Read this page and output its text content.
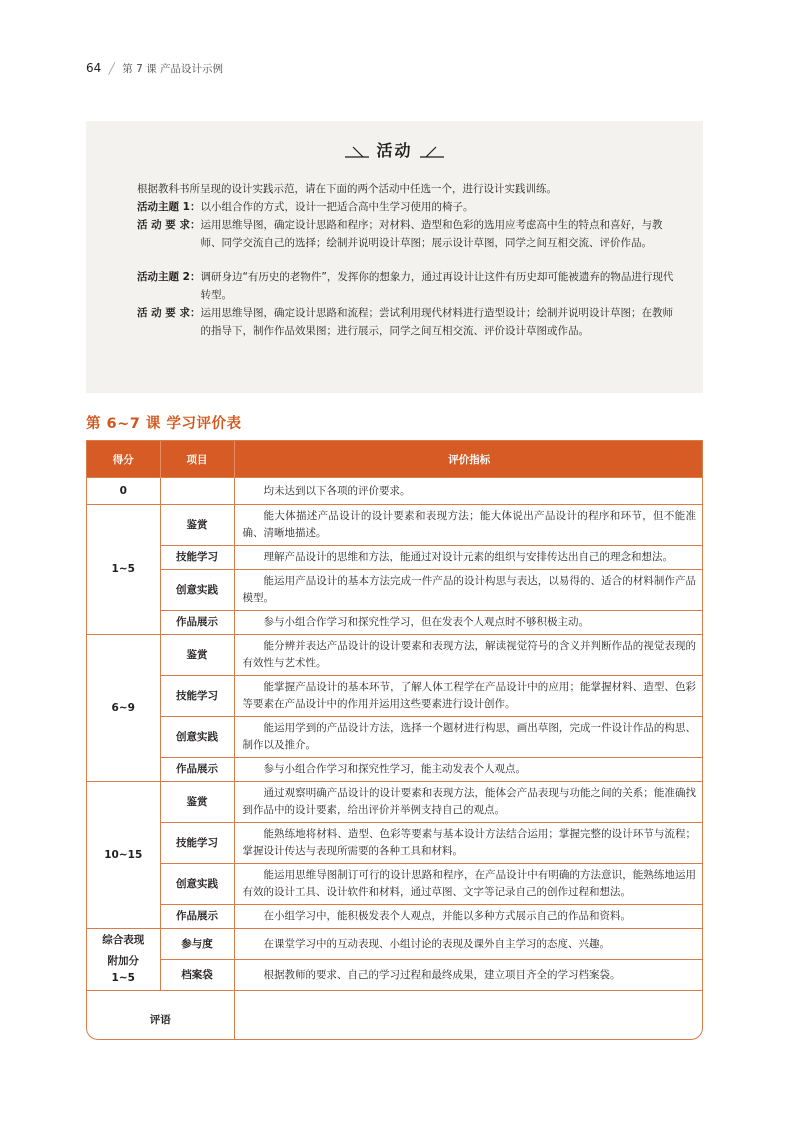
64 ╱ 第 7 课 产品设计示例
活动
根据教科书所呈现的设计实践示范，请在下面的两个活动中任选一个，进行设计实践训练。
活动主题 1： 以小组合作的方式，设计一把适合高中生学习使用的椅子。
活 动 要 求： 运用思维导图，确定设计思路和程序；对材料、造型和色彩的选用应考虑高中生的特点和喜好，与教师、同学交流自己的选择；绘制并说明设计草图；展示设计草图，同学之间互相交流、评价作品。
活动主题 2： 调研身边“有历史的老物件”，发挥你的想象力，通过再设计让这件有历史却可能被遗弃的物品进行现代转型。
活 动 要 求： 运用思维导图，确定设计思路和流程；尝试利用现代材料进行造型设计；绘制并说明设计草图；在教师的指导下，制作作品效果图；进行展示，同学之间互相交流、评价设计草图或作品。
第 6~7 课 学习评价表
得分	项目	评价指标
0		均未达到以下各项的评价要求。
1~5	鉴赏	能大体描述产品设计的设计要素和表现方法；能大体说出产品设计的程序和环节，但不能准确、清晰地描述。
	技能学习	理解产品设计的思维和方法，能通过对设计元素的组织与安排传达出自己的理念和想法。
	创意实践	能运用产品设计的基本方法完成一件产品的设计构思与表达，以易得的、适合的材料制作产品模型。
	作品展示	参与小组合作学习和探究性学习，但在发表个人观点时不够积极主动。
6~9	鉴赏	能分辨并表达产品设计的设计要素和表现方法，解读视觉符号的含义并判断作品的视觉表现的有效性与艺术性。
	技能学习	能掌握产品设计的基本环节，了解人体工程学在产品设计中的应用；能掌握材料、造型、色彩等要素在产品设计中的作用并运用这些要素进行设计创作。
	创意实践	能运用学到的产品设计方法，选择一个题材进行构思，画出草图，完成一件设计作品的构思、制作以及推介。
	作品展示	参与小组合作学习和探究性学习，能主动发表个人观点。
10~15	鉴赏	通过观察明确产品设计的设计要素和表现方法，能体会产品表现与功能之间的关系；能准确找到作品中的设计要素，给出评价并举例支持自己的观点。
	技能学习	能熟练地将材料、造型、色彩等要素与基本设计方法结合运用；掌握完整的设计环节与流程；掌握设计传达与表现所需要的各种工具和材料。
	创意实践	能运用思维导图制订可行的设计思路和程序，在产品设计中有明确的方法意识，能熟练地运用有效的设计工具、设计软件和材料，通过草图、文字等记录自己的创作过程和想法。
	作品展示	在小组学习中，能积极发表个人观点，并能以多种方式展示自己的作品和资料。

综合表现
附加分 1~5	参与度	在课堂学习中的互动表现、小组讨论的表现及课外自主学习的态度、兴趣。
	档案袋	根据教师的要求、自己的学习过程和最终成果，建立项目齐全的学习档案袋。
评语		
